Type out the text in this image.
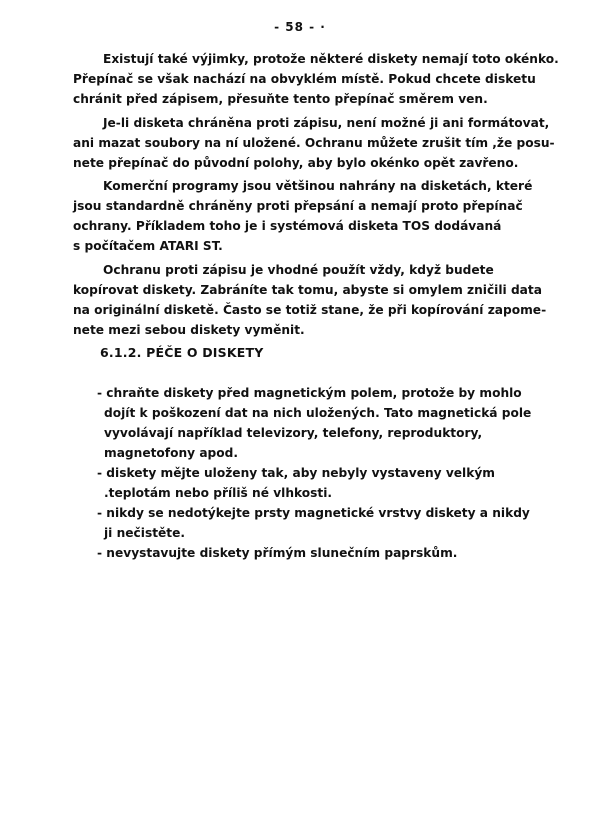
- 58 - ·

Existují také výjimky, protože některé diskety nemají toto okénko.
Přepínač se však nachází na obvyklém místě. Pokud chcete disketu
chránit před zápisem, přesuňte tento přepínač směrem ven.

Je-li disketa chráněna proti zápisu, není možné ji ani formátovat,
ani mazat soubory na ní uložené. Ochranu můžete zrušit tím ,že posu-
nete přepínač do původní polohy, aby bylo okénko opět zavřeno.

Komerční programy jsou většinou nahrány na disketách, které
jsou standardně chráněny proti přepsání a nemají proto přepínač
ochrany. Příkladem toho je i systémová disketa TOS dodávaná
s počítačem ATARI ST.

Ochranu proti zápisu je vhodné použít vždy, když budete
kopírovat diskety. Zabráníte tak tomu, abyste si omylem zničili data
na originální disketě. Často se totiž stane, že při kopírování zapome-
nete mezi sebou diskety vyměnit.

6.1.2. PÉČE O DISKETY
- chraňte diskety před magnetickým polem, protože by mohlo
dojít k poškození dat na nich uložených. Tato magnetická pole
vyvolávají například televizory, telefony, reproduktory,
magnetofony apod.
- diskety mějte uloženy tak, aby nebyly vystaveny velkým
.teplotám nebo příliš né vlhkosti.
- nikdy se nedotýkejte prsty magnetické vrstvy diskety a nikdy
ji nečistěte.
- nevystavujte diskety přímým slunečním paprskům.
